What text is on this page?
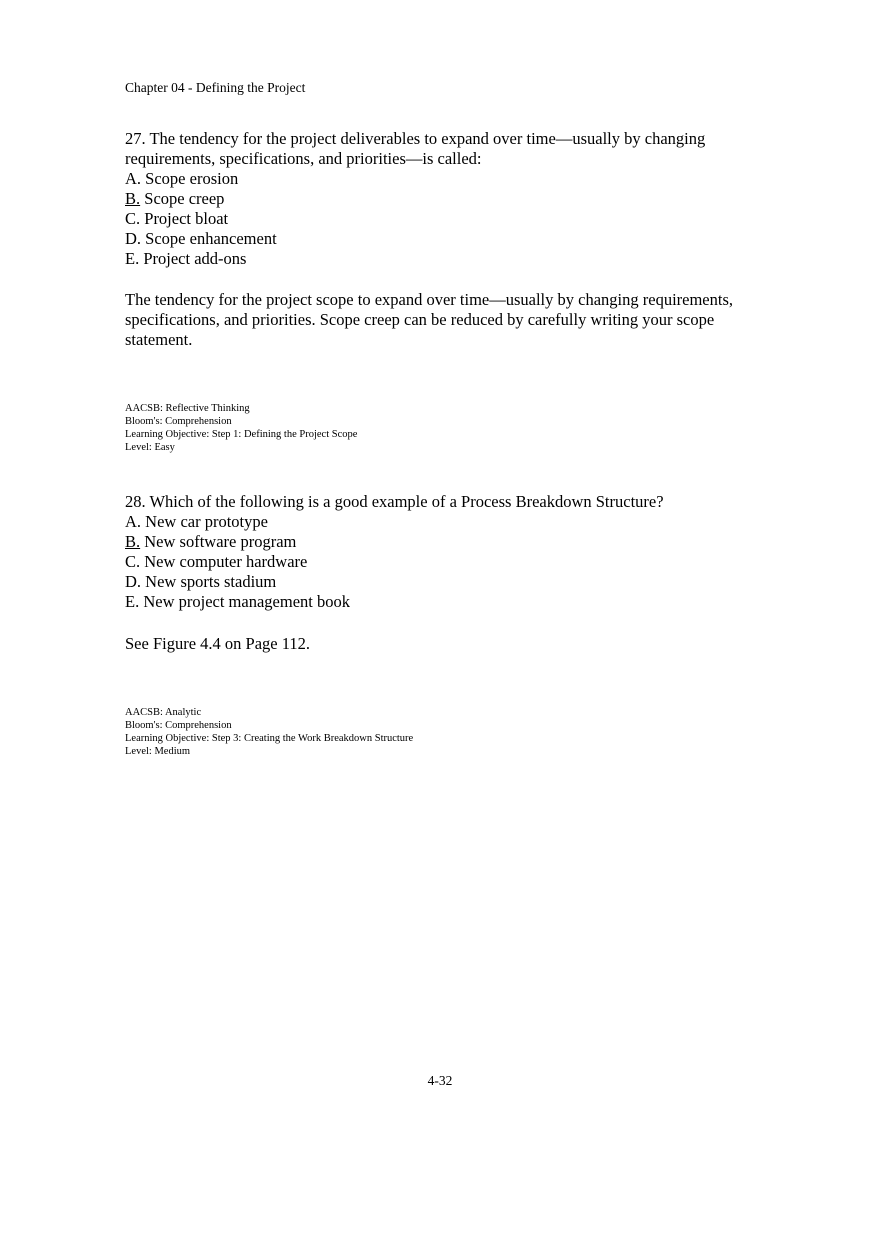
Chapter 04 - Defining the Project

27. The tendency for the project deliverables to expand over time—usually by changing requirements, specifications, and priorities—is called:

A. Scope erosion

B. Scope creep

C. Project bloat

D. Scope enhancement

E. Project add-ons

The tendency for the project scope to expand over time—usually by changing requirements, specifications, and priorities. Scope creep can be reduced by carefully writing your scope statement.

AACSB: Reflective Thinking
Bloom's: Comprehension
Learning Objective: Step 1: Defining the Project Scope
Level: Easy

28. Which of the following is a good example of a Process Breakdown Structure?

A. New car prototype

B. New software program

C. New computer hardware

D. New sports stadium

E. New project management book

See Figure 4.4 on Page 112.

AACSB: Analytic
Bloom's: Comprehension
Learning Objective: Step 3: Creating the Work Breakdown Structure
Level: Medium
4-32
